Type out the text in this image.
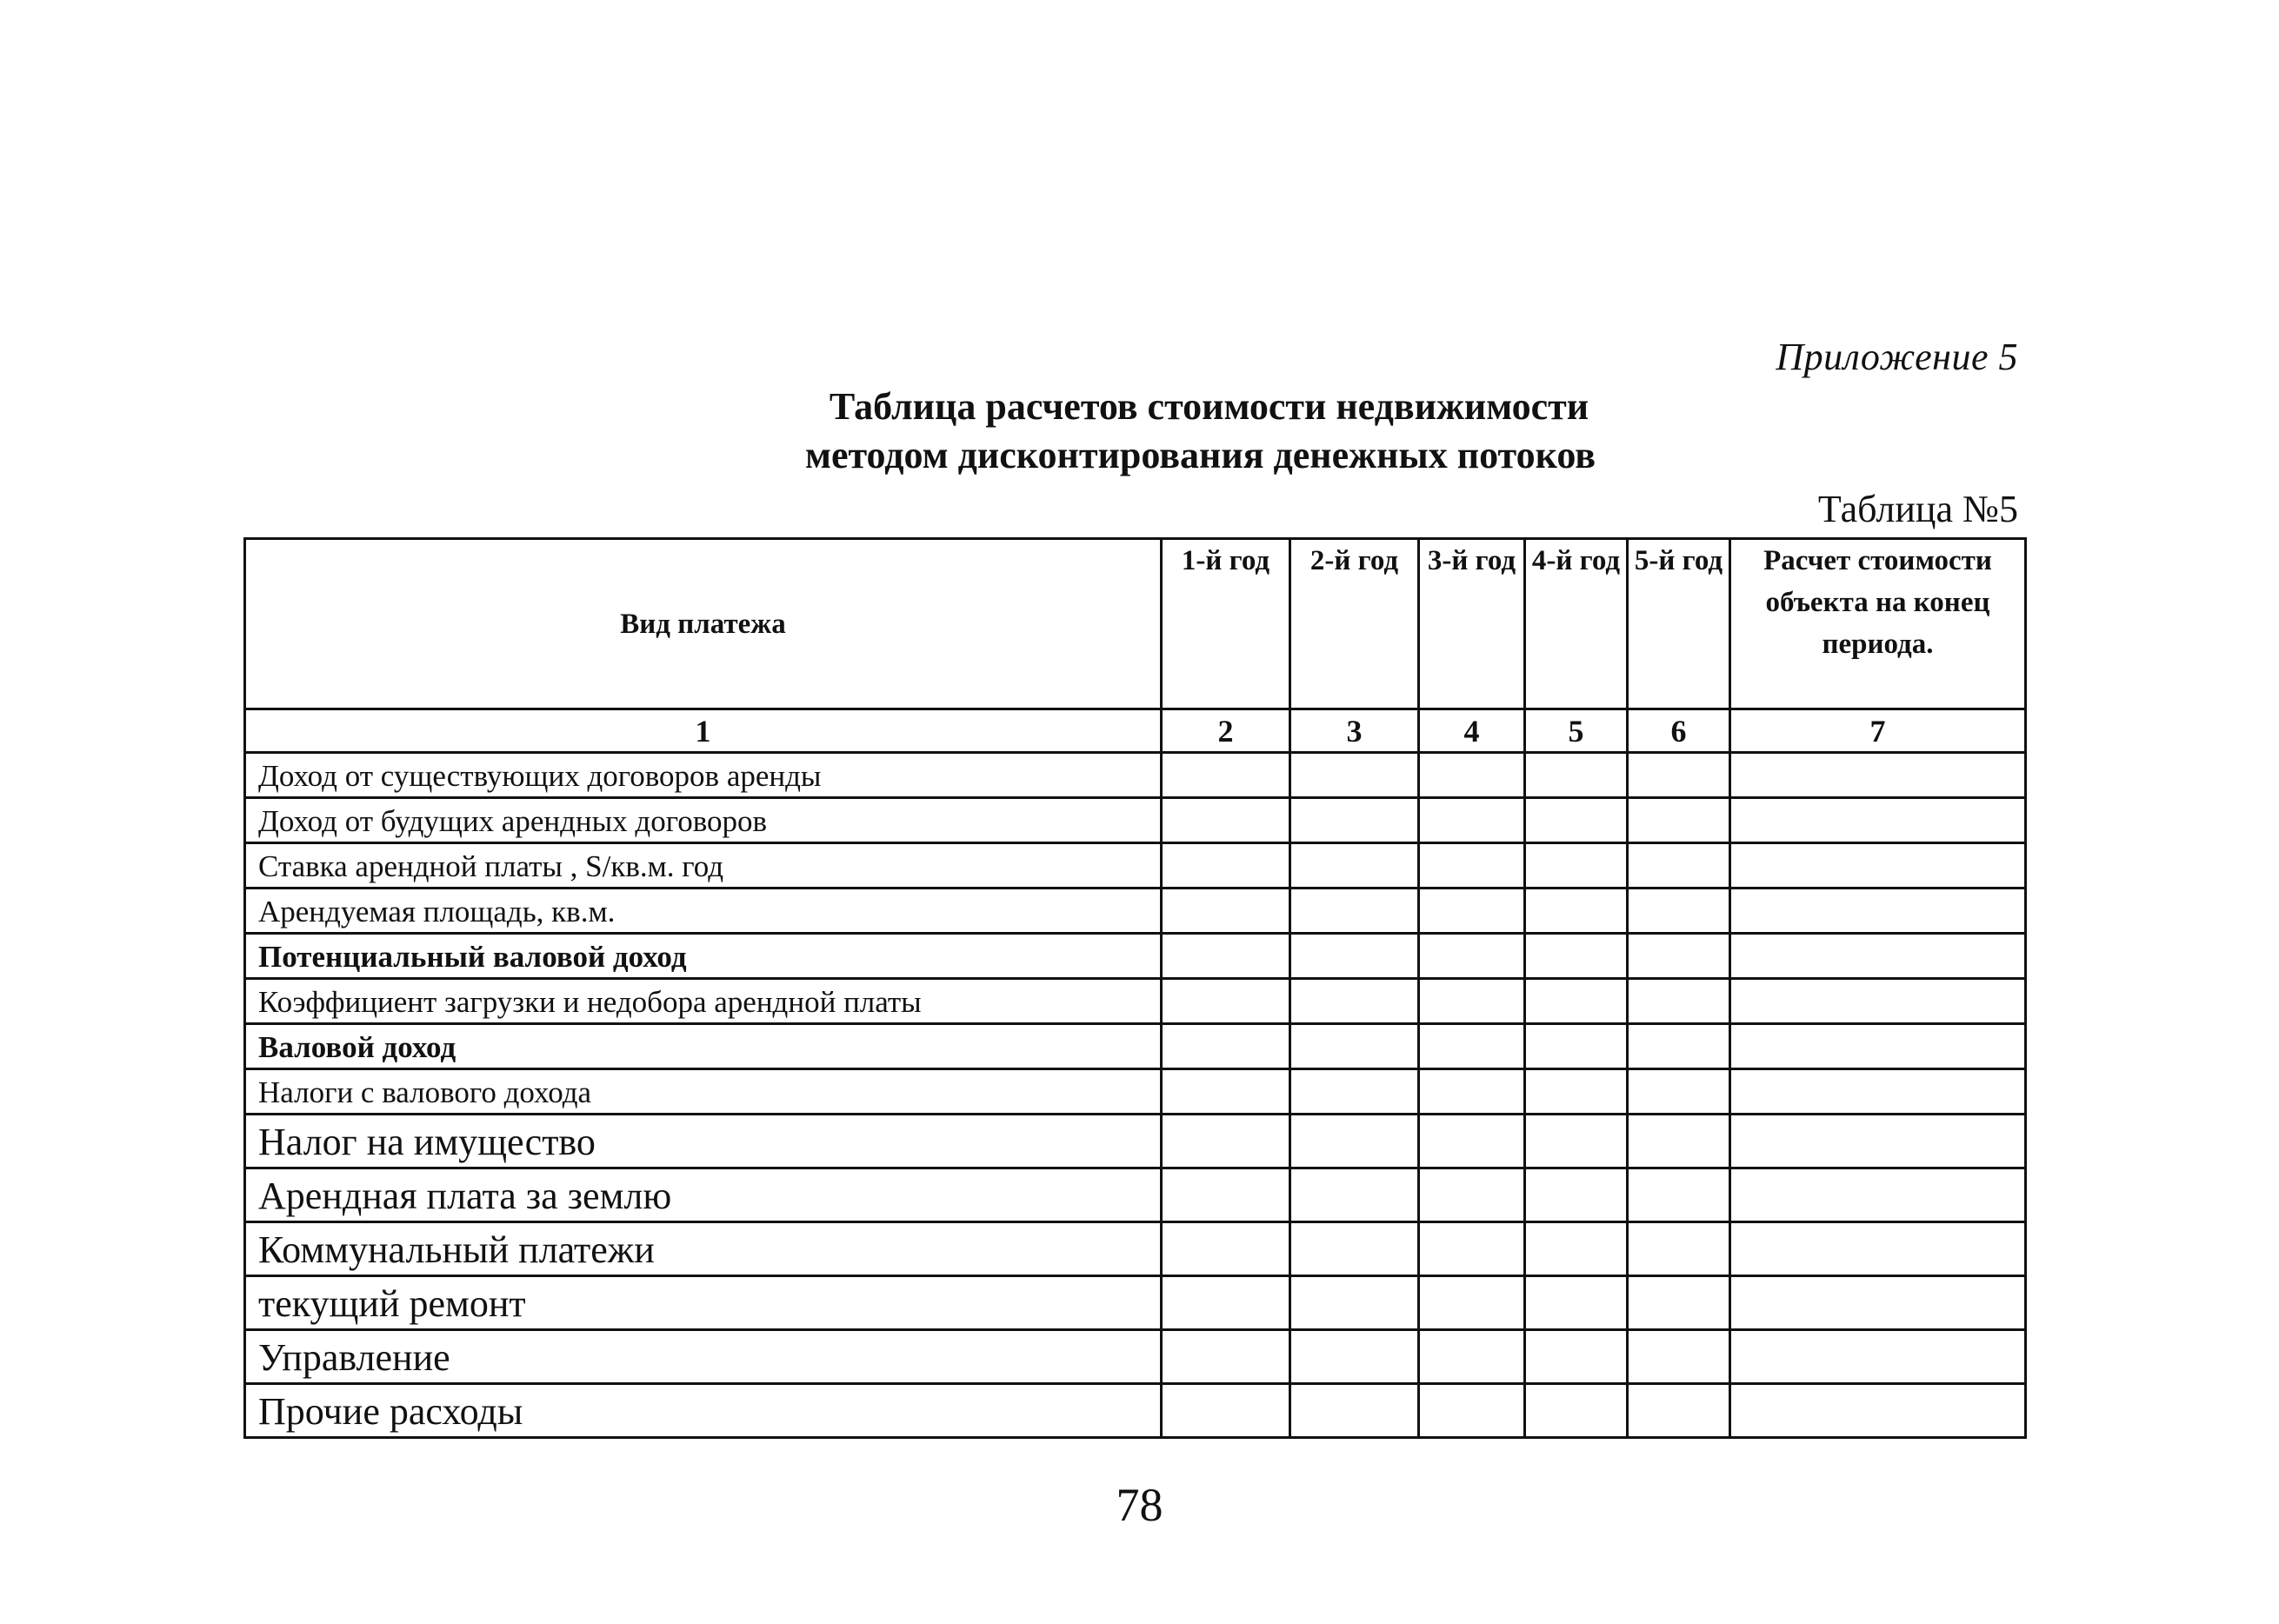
Приложение 5
Таблица расчетов стоимости недвижимости
методом дисконтирования денежных потоков
Таблица №5
Вид платежа	1-й год	2-й год	3-й год	4-й год	5-й год	Расчет стоимости объекта на конец периода.
1	2	3	4	5	6	7
Доход от существующих договоров аренды						
Доход от будущих арендных договоров						
Ставка арендной платы , S/кв.м. год						
Арендуемая площадь, кв.м.						
Потенциальный валовой доход						
Коэффициент загрузки и недобора арендной платы						
Валовой доход						
Налоги с валового дохода						
Налог на имущество						
Арендная плата за землю						
Коммунальный платежи						
текущий ремонт						
Управление						
Прочие расходы						
78
